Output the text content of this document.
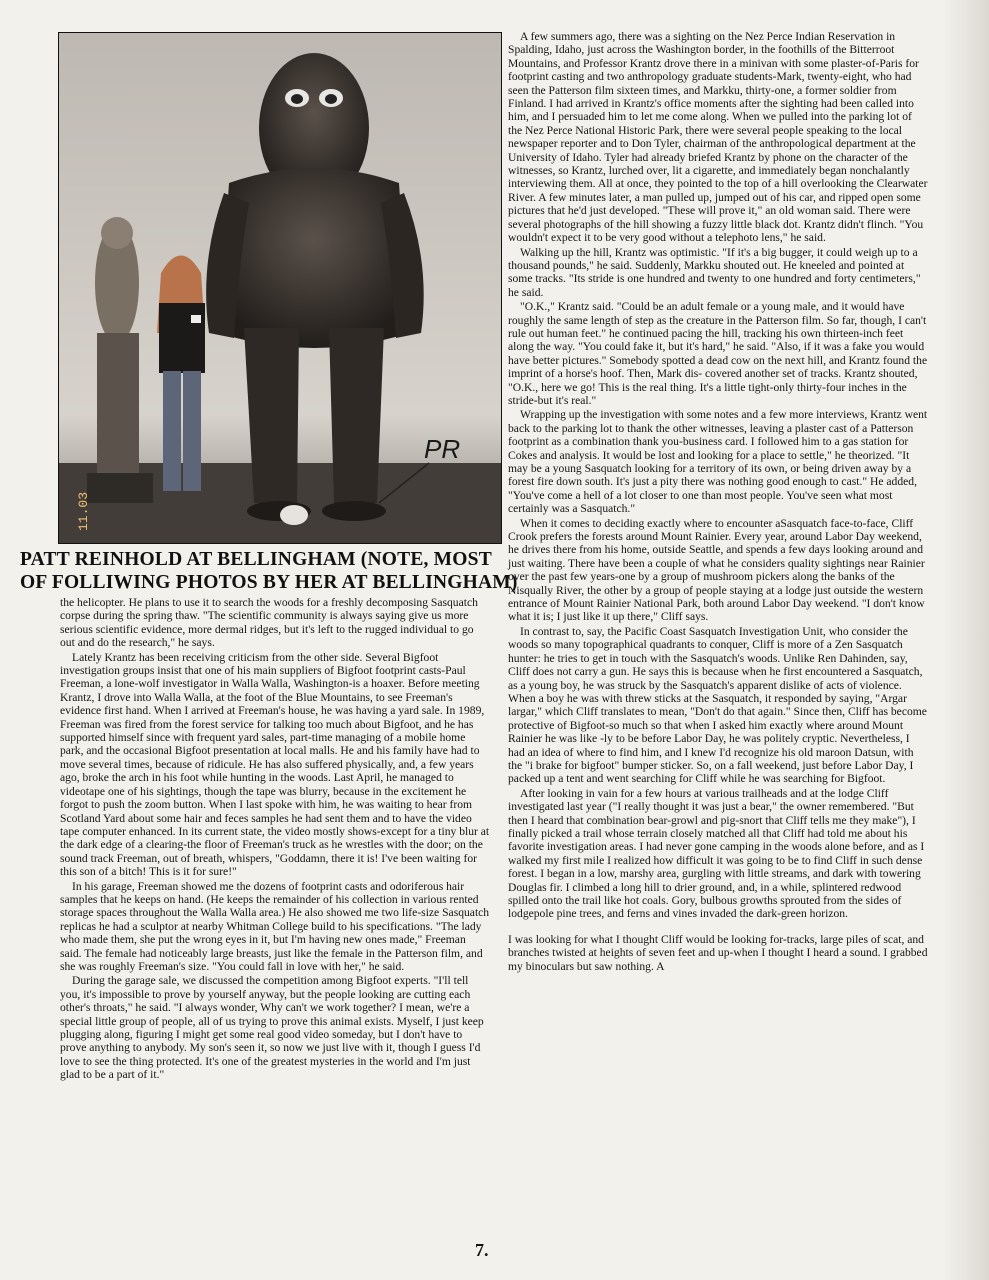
PR
11.03
PATT REINHOLD AT BELLINGHAM (NOTE, MOST
OF FOLLIWING PHOTOS BY HER AT BELLINGHAM)

the helicopter. He plans to use it to search the woods for a freshly decomposing Sasquatch corpse during the spring thaw. "The scientific community is always saying give us more serious scientific evidence, more dermal ridges, but it's left to the rugged individual to go out and do the research," he says.

Lately Krantz has been receiving criticism from the other side. Several Bigfoot investigation groups insist that one of his main suppliers of Bigfoot footprint casts-Paul Freeman, a lone-wolf investigator in Walla Walla, Washington-is a hoaxer. Before meeting Krantz, I drove into Walla Walla, at the foot of the Blue Mountains, to see Freeman's evidence first hand. When I arrived at Freeman's house, he was having a yard sale. In 1989, Freeman was fired from the forest service for talking too much about Bigfoot, and he has supported himself since with frequent yard sales, part-time managing of a mobile home park, and the occasional Bigfoot presentation at local malls. He and his family have had to move several times, because of ridicule. He has also suffered physically, and, a few years ago, broke the arch in his foot while hunting in the woods. Last April, he managed to videotape one of his sightings, though the tape was blurry, because in the excitement he forgot to push the zoom button. When I last spoke with him, he was waiting to hear from Scotland Yard about some hair and feces samples he had sent them and to have the video tape computer enhanced. In its current state, the video mostly shows-except for a tiny blur at the dark edge of a clearing-the floor of Freeman's truck as he wrestles with the door; on the sound track Freeman, out of breath, whispers, "Goddamn, there it is! I've been waiting for this son of a bitch! This is it for sure!"

In his garage, Freeman showed me the dozens of footprint casts and odoriferous hair samples that he keeps on hand. (He keeps the remainder of his collection in various rented storage spaces throughout the Walla Walla area.) He also showed me two life-size Sasquatch replicas he had a sculptor at nearby Whitman College build to his specifications. "The lady who made them, she put the wrong eyes in it, but I'm having new ones made," Freeman said. The female had noticeably large breasts, just like the female in the Patterson film, and she was roughly Freeman's size. "You could fall in love with her," he said.

During the garage sale, we discussed the competition among Bigfoot experts. "I'll tell you, it's impossible to prove by yourself anyway, but the people looking are cutting each other's throats," he said. "I always wonder, Why can't we work together? I mean, we're a special little group of people, all of us trying to prove this animal exists. Myself, I just keep plugging along, figuring I might get some real good video someday, but I don't have to prove anything to anybody. My son's seen it, so now we just live with it, though I guess I'd love to see the thing protected. It's one of the greatest mysteries in the world and I'm just glad to be a part of it."

A few summers ago, there was a sighting on the Nez Perce Indian Reservation in Spalding, Idaho, just across the Washington border, in the foothills of the Bitterroot Mountains, and Professor Krantz drove there in a minivan with some plaster-of-Paris for footprint casting and two anthropology graduate students-Mark, twenty-eight, who had seen the Patterson film sixteen times, and Markku, thirty-one, a former soldier from Finland. I had arrived in Krantz's office moments after the sighting had been called into him, and I persuaded him to let me come along. When we pulled into the parking lot of the Nez Perce National Historic Park, there were several people speaking to the local newspaper reporter and to Don Tyler, chairman of the anthropological department at the University of Idaho. Tyler had already briefed Krantz by phone on the character of the witnesses, so Krantz, lurched over, lit a cigarette, and immediately began nonchalantly interviewing them. All at once, they pointed to the top of a hill overlooking the Clearwater River. A few minutes later, a man pulled up, jumped out of his car, and ripped open some pictures that he'd just developed. "These will prove it," an old woman said. There were several photographs of the hill showing a fuzzy little black dot. Krantz didn't flinch. "You wouldn't expect it to be very good without a telephoto lens," he said.

Walking up the hill, Krantz was optimistic. "If it's a big bugger, it could weigh up to a thousand pounds," he said. Suddenly, Markku shouted out. He kneeled and pointed at some tracks. "Its stride is one hundred and twenty to one hundred and forty centimeters," he said.

"O.K.," Krantz said. "Could be an adult female or a young male, and it would have roughly the same length of step as the creature in the Patterson film. So far, though, I can't rule out human feet." he continued pacing the hill, tracking his own thirteen-inch feet along the way. "You could fake it, but it's hard," he said. "Also, if it was a fake you would have better pictures." Somebody spotted a dead cow on the next hill, and Krantz found the imprint of a horse's hoof. Then, Mark dis- covered another set of tracks. Krantz shouted, "O.K., here we go! This is the real thing. It's a little tight-only thirty-four inches in the stride-but it's real."

Wrapping up the investigation with some notes and a few more interviews, Krantz went back to the parking lot to thank the other witnesses, leaving a plaster cast of a Patterson footprint as a combination thank you-business card. I followed him to a gas station for Cokes and analysis. It would be lost and looking for a place to settle," he theorized. "It may be a young Sasquatch looking for a territory of its own, or being driven away by a forest fire down south. It's just a pity there was nothing good enough to cast." He added, "You've come a hell of a lot closer to one than most people. You've seen what most certainly was a Sasquatch."

When it comes to deciding exactly where to encounter aSasquatch face-to-face, Cliff Crook prefers the forests around Mount Rainier. Every year, around Labor Day weekend, he drives there from his home, outside Seattle, and spends a few days looking around and just waiting. There have been a couple of what he considers quality sightings near Rainier over the past few years-one by a group of mushroom pickers along the banks of the Nisqually River, the other by a group of people staying at a lodge just outside the western entrance of Mount Rainier National Park, both around Labor Day weekend. "I don't know what it is; I just like it up there," Cliff says.

In contrast to, say, the Pacific Coast Sasquatch Investigation Unit, who consider the woods so many topographical quadrants to conquer, Cliff is more of a Zen Sasquatch hunter: he tries to get in touch with the Sasquatch's woods. Unlike Ren Dahinden, say, Cliff does not carry a gun. He says this is because when he first encountered a Sasquatch, as a young boy, he was struck by the Sasquatch's apparent dislike of acts of violence. When a boy he was with threw sticks at the Sasquatch, it responded by saying, "Argar largar," which Cliff translates to mean, "Don't do that again." Since then, Cliff has become protective of Bigfoot-so much so that when I asked him exactly where around Mount Rainier he was like -ly to be before Labor Day, he was politely cryptic. Nevertheless, I had an idea of where to find him, and I knew I'd recognize his old maroon Datsun, with the "i brake for bigfoot" bumper sticker. So, on a fall weekend, just before Labor Day, I packed up a tent and went searching for Cliff while he was searching for Bigfoot.

After looking in vain for a few hours at various trailheads and at the lodge Cliff investigated last year ("I really thought it was just a bear," the owner remembered. "But then I heard that combination bear-growl and pig-snort that Cliff tells me they make"), I finally picked a trail whose terrain closely matched all that Cliff had told me about his favorite investigation areas. I had never gone camping in the woods alone before, and as I walked my first mile I realized how difficult it was going to be to find Cliff in such dense forest. I began in a low, marshy area, gurgling with little streams, and dark with towering Douglas fir. I climbed a long hill to drier ground, and, in a while, splintered redwood spilled onto the trail like hot coals. Gory, bulbous growths sprouted from the sides of lodgepole pine trees, and ferns and vines invaded the dark-green horizon.

I was looking for what I thought Cliff would be looking for-tracks, large piles of scat, and branches twisted at heights of seven feet and up-when I thought I heard a sound. I grabbed my binoculars but saw nothing. A

7.
